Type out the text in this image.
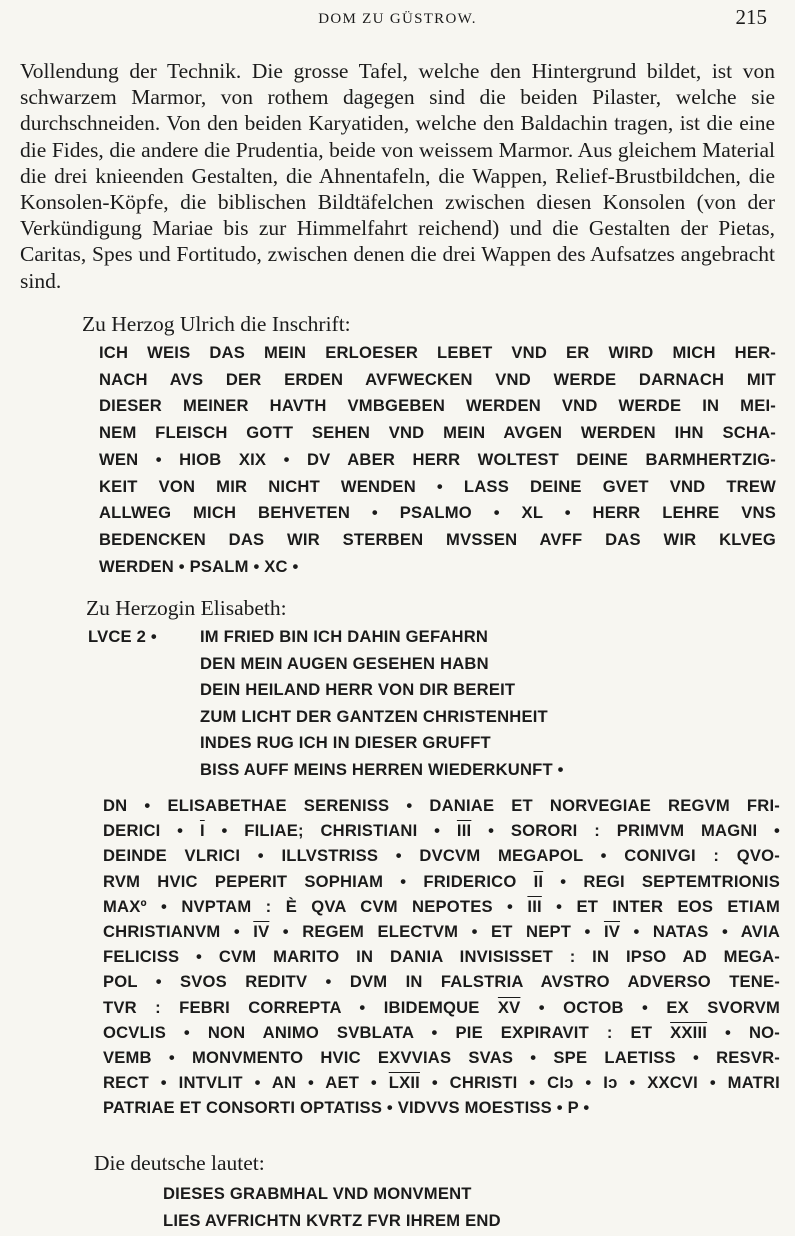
DOM ZU GÜSTROW.	215

Vollendung der Technik. Die grosse Tafel, welche den Hintergrund bildet, ist von schwarzem Marmor, von rothem dagegen sind die beiden Pilaster, welche sie durchschneiden. Von den beiden Karyatiden, welche den Baldachin tragen, ist die eine die Fides, die andere die Prudentia, beide von weissem Marmor. Aus gleichem Material die drei knieenden Gestalten, die Ahnentafeln, die Wappen, Relief-Brustbildchen, die Konsolen-Köpfe, die biblischen Bildtäfelchen zwischen diesen Konsolen (von der Verkündigung Mariae bis zur Himmelfahrt reichend) und die Gestalten der Pietas, Caritas, Spes und Fortitudo, zwischen denen die drei Wappen des Aufsatzes angebracht sind.

Zu Herzog Ulrich die Inschrift:
ICH WEIS DAS MEIN ERLOESER LEBET VND ER WIRD MICH HER-
NACH AVS DER ERDEN AVFWECKEN VND WERDE DARNACH MIT
DIESER MEINER HAVTH VMBGEBEN WERDEN VND WERDE IN MEI-
NEM FLEISCH GOTT SEHEN VND MEIN AVGEN WERDEN IHN SCHA-
WEN • HIOB XIX • DV ABER HERR WOLTEST DEINE BARMHERTZIG-
KEIT VON MIR NICHT WENDEN • LASS DEINE GVET VND TREW
ALLWEG MICH BEHVETEN • PSALMO • XL • HERR LEHRE VNS
BEDENCKEN DAS WIR STERBEN MVSSEN AVFF DAS WIR KLVEG
WERDEN • PSALM • XC •
Zu Herzogin Elisabeth:
LVCE 2 •	IM FRIED BIN ICH DAHIN GEFAHRN
DEN MEIN AUGEN GESEHEN HABN
DEIN HEILAND HERR VON DIR BEREIT
ZUM LICHT DER GANTZEN CHRISTENHEIT
INDES RUG ICH IN DIESER GRUFFT
BISS AUFF MEINS HERREN WIEDERKUNFT •
DN • ELISABETHAE SERENISS • DANIAE ET NORVEGIAE REGVM FRI-
DERICI • $\overline{I}$ • FILIAE; CHRISTIANI • $\overline{III}$ • SORORI : PRIMVM MAGNI •
DEINDE VLRICI • ILLVSTRISS • DVCVM MEGAPOL • CONIVGI : QVO-
RVM HVIC PEPERIT SOPHIAM • FRIDERICO $\overline{II}$ • REGI SEPTEMTRIONIS
MAXº • NVPTAM : È QVA CVM NEPOTES • $\overline{III}$ • ET INTER EOS ETIAM
CHRISTIANVM • $\overline{IV}$ • REGEM ELECTVM • ET NEPT • $\overline{IV}$ • NATAS • AVIA
FELICISS • CVM MARITO IN DANIA INVISISSET : IN IPSO AD MEGA-
POL • SVOS REDITV • DVM IN FALSTRIA AVSTRO ADVERSO TENE-
TVR : FEBRI CORREPTA • IBIDEMQUE $\overline{XV}$ • OCTOB • EX SVORVM
OCVLIS • NON ANIMO SVBLATA • PIE EXPIRAVIT : ET XXIII • NO-
VEMB • MONVMENTO HVIC EXVVIAS SVAS • SPE LAETISS • RESVR-
RECT • INTVLIT • AN • AET • LXII • CHRISTI • CIɔ • Iɔ • XXCVI • MATRI
PATRIAE ET CONSORTI OPTATISS • VIDVVS MOESTISS • P •
Die deutsche lautet:
DIESES GRABMHAL VND MONVMENT
LIES AVFRICHTN KVRTZ FVR IHREM END
